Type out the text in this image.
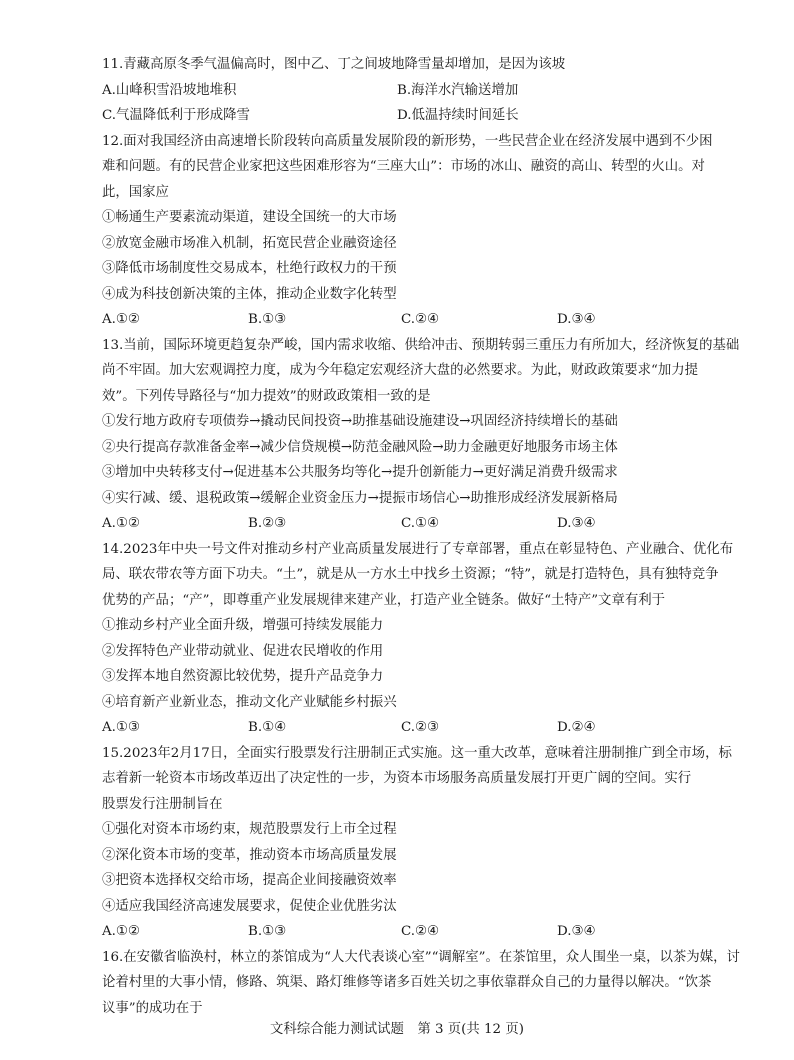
11.青藏高原冬季气温偏高时，图中乙、丁之间坡地降雪量却增加，是因为该坡

A.山峰积雪沿坡地堆积	B.海洋水汽输送增加
C.气温降低利于形成降雪	D.低温持续时间延长

12.面对我国经济由高速增长阶段转向高质量发展阶段的新形势，一些民营企业在经济发展中遇到不少困

难和问题。有的民营企业家把这些困难形容为“三座大山”：市场的冰山、融资的高山、转型的火山。对

此，国家应

①畅通生产要素流动渠道，建设全国统一的大市场

②放宽金融市场准入机制，拓宽民营企业融资途径

③降低市场制度性交易成本，杜绝行政权力的干预

④成为科技创新决策的主体，推动企业数字化转型

A.①②	B.①③	C.②④	D.③④

13.当前，国际环境更趋复杂严峻，国内需求收缩、供给冲击、预期转弱三重压力有所加大，经济恢复的基础

尚不牢固。加大宏观调控力度，成为今年稳定宏观经济大盘的必然要求。为此，财政政策要求“加力提

效”。下列传导路径与“加力提效”的财政政策相一致的是

①发行地方政府专项债券→撬动民间投资→助推基础设施建设→巩固经济持续增长的基础

②央行提高存款准备金率→减少信贷规模→防范金融风险→助力金融更好地服务市场主体

③增加中央转移支付→促进基本公共服务均等化→提升创新能力→更好满足消费升级需求

④实行减、缓、退税政策→缓解企业资金压力→提振市场信心→助推形成经济发展新格局

A.①②	B.②③	C.①④	D.③④

14.2023年中央一号文件对推动乡村产业高质量发展进行了专章部署，重点在彰显特色、产业融合、优化布

局、联农带农等方面下功夫。“土”，就是从一方水土中找乡土资源；“特”，就是打造特色，具有独特竞争

优势的产品；“产”，即尊重产业发展规律来建产业，打造产业全链条。做好“土特产”文章有利于

①推动乡村产业全面升级，增强可持续发展能力

②发挥特色产业带动就业、促进农民增收的作用

③发挥本地自然资源比较优势，提升产品竞争力

④培育新产业新业态，推动文化产业赋能乡村振兴

A.①③	B.①④	C.②③	D.②④

15.2023年2月17日，全面实行股票发行注册制正式实施。这一重大改革，意味着注册制推广到全市场，标

志着新一轮资本市场改革迈出了决定性的一步，为资本市场服务高质量发展打开更广阔的空间。实行

股票发行注册制旨在

①强化对资本市场约束，规范股票发行上市全过程

②深化资本市场的变革，推动资本市场高质量发展

③把资本选择权交给市场，提高企业间接融资效率

④适应我国经济高速发展要求，促使企业优胜劣汰

A.①②	B.①③	C.②④	D.③④

16.在安徽省临涣村，林立的茶馆成为“人大代表谈心室”“调解室”。在茶馆里，众人围坐一桌，以茶为媒，讨

论着村里的大事小情，修路、筑渠、路灯维修等诸多百姓关切之事依靠群众自己的力量得以解决。“饮茶

议事”的成功在于

文科综合能力测试试题　第 3 页(共 12 页)
